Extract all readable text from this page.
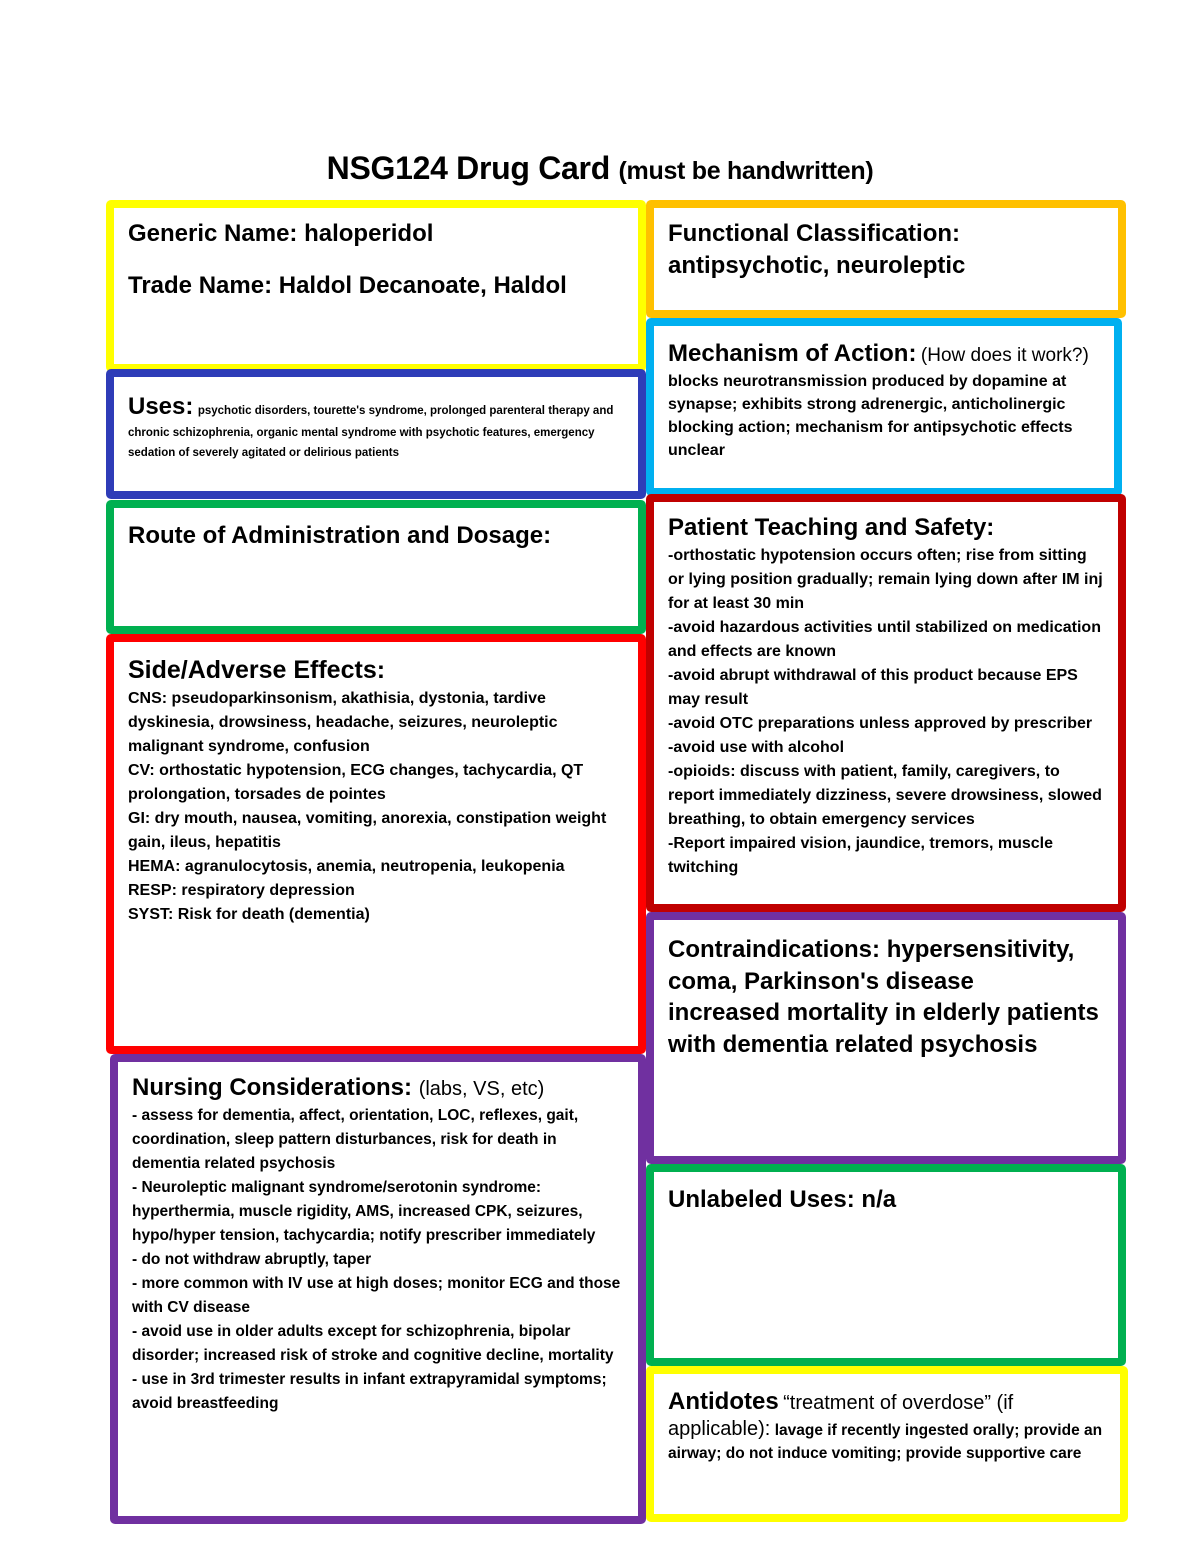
NSG124 Drug Card (must be handwritten)
Generic Name: haloperidol
Trade Name: Haldol Decanoate, Haldol
Uses: psychotic disorders, tourette's syndrome, prolonged parenteral therapy and chronic schizophrenia, organic mental syndrome with psychotic features, emergency sedation of severely agitated or delirious patients
Route of Administration and Dosage:
Side/Adverse Effects:
CNS: pseudoparkinsonism, akathisia, dystonia, tardive dyskinesia, drowsiness, headache, seizures, neuroleptic malignant syndrome, confusion
CV: orthostatic hypotension, ECG changes, tachycardia, QT prolongation, torsades de pointes
GI: dry mouth, nausea, vomiting, anorexia, constipation weight gain, ileus, hepatitis
HEMA: agranulocytosis, anemia, neutropenia, leukopenia
RESP: respiratory depression
SYST: Risk for death (dementia)
Nursing Considerations: (labs, VS, etc)
- assess for dementia, affect, orientation, LOC, reflexes, gait, coordination, sleep pattern disturbances, risk for death in dementia related psychosis
- Neuroleptic malignant syndrome/serotonin syndrome: hyperthermia, muscle rigidity, AMS, increased CPK, seizures, hypo/hyper tension, tachycardia; notify prescriber immediately
- do not withdraw abruptly, taper
- more common with IV use at high doses; monitor ECG and those with CV disease
- avoid use in older adults except for schizophrenia, bipolar disorder; increased risk of stroke and cognitive decline, mortality
- use in 3rd trimester results in infant extrapyramidal symptoms; avoid breastfeeding
Functional Classification:
antipsychotic, neuroleptic
Mechanism of Action: (How does it work?) blocks neurotransmission produced by dopamine at synapse; exhibits strong adrenergic, anticholinergic blocking action; mechanism for antipsychotic effects unclear
Patient Teaching and Safety:
-orthostatic hypotension occurs often; rise from sitting or lying position gradually; remain lying down after IM inj for at least 30 min
-avoid hazardous activities until stabilized on medication and effects are known
-avoid abrupt withdrawal of this product because EPS may result
-avoid OTC preparations unless approved by prescriber
-avoid use with alcohol
-opioids: discuss with patient, family, caregivers, to report immediately dizziness, severe drowsiness, slowed breathing, to obtain emergency services
-Report impaired vision, jaundice, tremors, muscle twitching
Contraindications: hypersensitivity, coma, Parkinson's disease
increased mortality in elderly patients with dementia related psychosis
Unlabeled Uses: n/a
Antidotes “treatment of overdose” (if applicable): lavage if recently ingested orally; provide an airway; do not induce vomiting; provide supportive care
